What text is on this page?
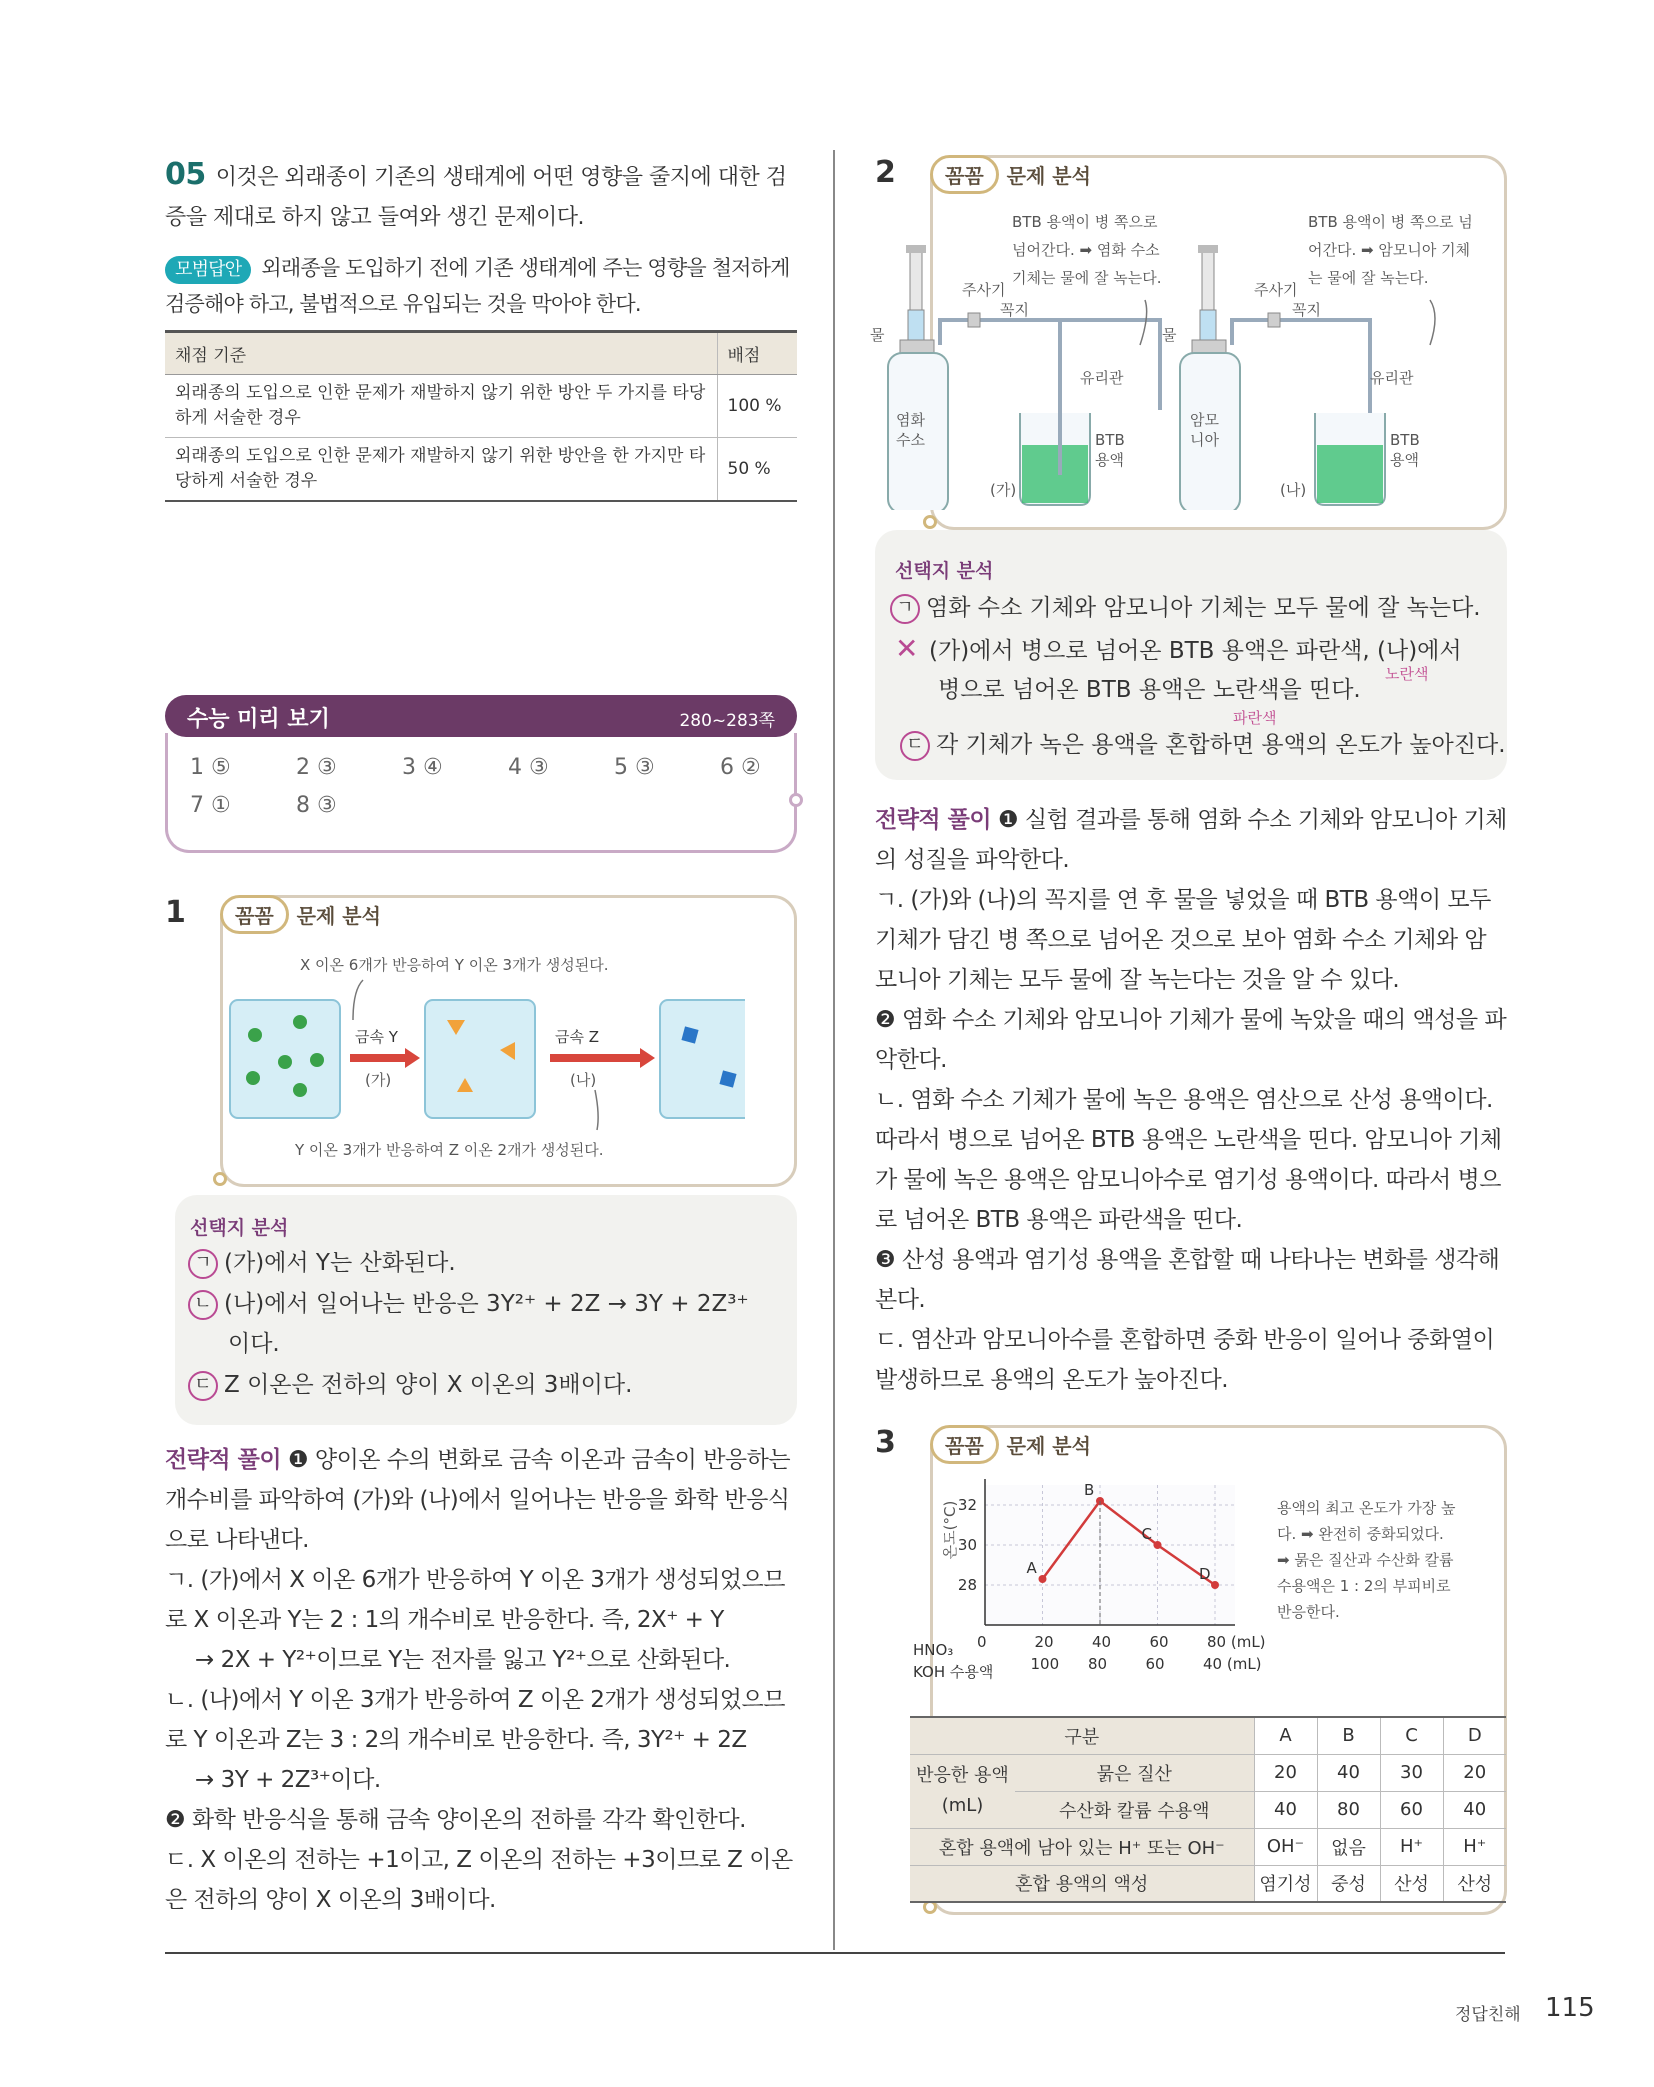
05 이것은 외래종이 기존의 생태계에 어떤 영향을 줄지에 대한 검증을 제대로 하지 않고 들여와 생긴 문제이다.
모범답안 외래종을 도입하기 전에 기존 생태계에 주는 영향을 철저하게 검증해야 하고, 불법적으로 유입되는 것을 막아야 한다.
채점 기준	배점
외래종의 도입으로 인한 문제가 재발하지 않기 위한 방안 두 가지를 타당하게 서술한 경우	100 %
외래종의 도입으로 인한 문제가 재발하지 않기 위한 방안을 한 가지만 타당하게 서술한 경우	50 %
수능 미리 보기	280~283쪽
1 ⑤	2 ③	3 ④	4 ③	5 ③	6 ②
7 ①	8 ③
1	꼼꼼	문제 분석
X 이온 6개가 반응하여 Y 이온 3개가 생성된다.
Y 이온 3개가 반응하여 Z 이온 2개가 생성된다.
금속 Y
(가)
금속 Z
(나)
선택지 분석
ㄱ (가)에서 Y는 산화된다.
ㄴ (나)에서 일어나는 반응은 3Y²⁺ + 2Z → 3Y + 2Z³⁺
이다.
ㄷ Z 이온은 전하의 양이 X 이온의 3배이다.

전략적 풀이 ❶ 양이온 수의 변화로 금속 이온과 금속이 반응하는 개수비를 파악하여 (가)와 (나)에서 일어나는 반응을 화학 반응식으로 나타낸다.

ㄱ. (가)에서 X 이온 6개가 반응하여 Y 이온 3개가 생성되었으므로 X 이온과 Y는 2 : 1의 개수비로 반응한다. 즉, 2X⁺ + Y

→ 2X + Y²⁺이므로 Y는 전자를 잃고 Y²⁺으로 산화된다.

ㄴ. (나)에서 Y 이온 3개가 반응하여 Z 이온 2개가 생성되었으므로 Y 이온과 Z는 3 : 2의 개수비로 반응한다. 즉, 3Y²⁺ + 2Z

→ 3Y + 2Z³⁺이다.

❷ 화학 반응식을 통해 금속 양이온의 전하를 각각 확인한다.

ㄷ. X 이온의 전하는 +1이고, Z 이온의 전하는 +3이므로 Z 이온은 전하의 양이 X 이온의 3배이다.

2	꼼꼼	문제 분석
BTB 용액이 병 쪽으로
넘어간다. ➡ 염화 수소
기체는 물에 잘 녹는다.
BTB 용액이 병 쪽으로 넘
어간다. ➡ 암모니아 기체
는 물에 잘 녹는다.
주사기	주사기
꼭지	꼭지
물	물
유리관	유리관
염화
수소
암모
니아
BTB
용액
BTB
용액
(가)	(나)
선택지 분석
ㄱ 염화 수소 기체와 암모니아 기체는 모두 물에 잘 녹는다.
✕ (가)에서 병으로 넘어온 BTB 용액은 파란색, (나)에서
노란색
병으로 넘어온 BTB 용액은 노란색을 띤다.
파란색
ㄷ 각 기체가 녹은 용액을 혼합하면 용액의 온도가 높아진다.

전략적 풀이 ❶ 실험 결과를 통해 염화 수소 기체와 암모니아 기체의 성질을 파악한다.

ㄱ. (가)와 (나)의 꼭지를 연 후 물을 넣었을 때 BTB 용액이 모두 기체가 담긴 병 쪽으로 넘어온 것으로 보아 염화 수소 기체와 암모니아 기체는 모두 물에 잘 녹는다는 것을 알 수 있다.

❷ 염화 수소 기체와 암모니아 기체가 물에 녹았을 때의 액성을 파악한다.

ㄴ. 염화 수소 기체가 물에 녹은 용액은 염산으로 산성 용액이다. 따라서 병으로 넘어온 BTB 용액은 노란색을 띤다. 암모니아 기체가 물에 녹은 용액은 암모니아수로 염기성 용액이다. 따라서 병으로 넘어온 BTB 용액은 파란색을 띤다.

❸ 산성 용액과 염기성 용액을 혼합할 때 나타나는 변화를 생각해 본다.

ㄷ. 염산과 암모니아수를 혼합하면 중화 반응이 일어나 중화열이 발생하므로 용액의 온도가 높아진다.

3	꼼꼼	문제 분석
온도(°C)
28
30
32
0	20	40	60	80 (mL)
100 80	60	40 (mL)
A
B
C
D
HNO₃
KOH 수용액
용액의 최고 온도가 가장 높
다. ➡ 완전히 중화되었다.
➡ 묽은 질산과 수산화 칼륨
수용액은 1 : 2의 부피비로
반응한다.
구분		A	B	C	D
반응한 용액(mL)	묽은 질산	20	40	30	20
	수산화 칼륨 수용액	40	80	60	40
혼합 용액에 남아 있는 H⁺ 또는 OH⁻		OH⁻	없음	H⁺	H⁺
혼합 용액의 액성		염기성	중성	산성	산성
정답친해 115
